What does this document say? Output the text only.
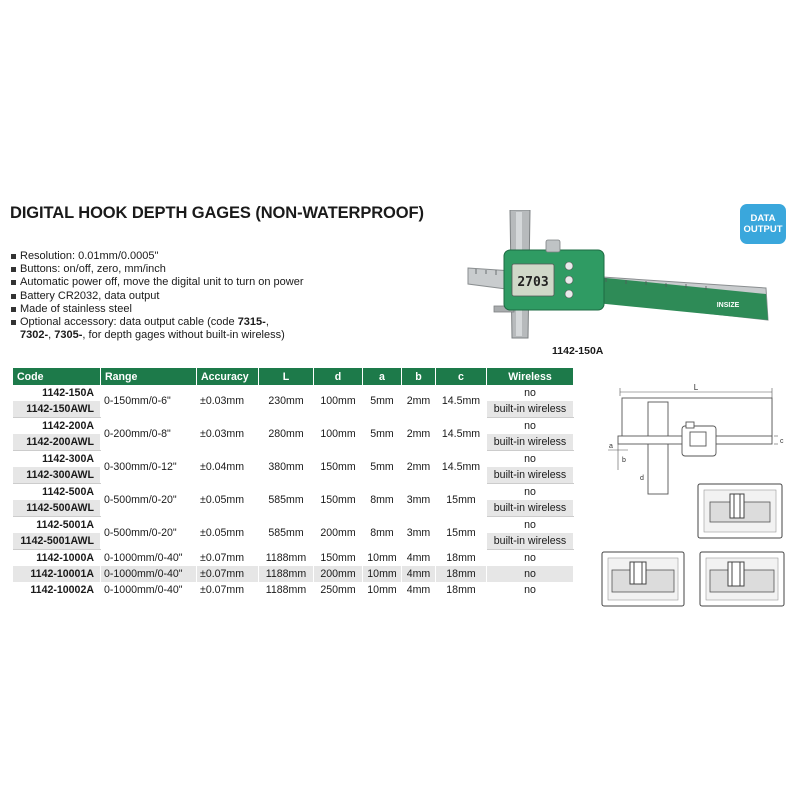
DIGITAL HOOK DEPTH GAGES (NON-WATERPROOF)	DATA
OUTPUT
Resolution: 0.01mm/0.0005"
Buttons: on/off, zero, mm/inch
Automatic power off, move the digital unit to turn on power
Battery CR2032, data output
Made of stainless steel
Optional accessory: data output cable (code 7315-,
7302-, 7305-, for depth gages without built-in wireless)
2703
INSIZE
1142-150A
Code	Range	Accuracy	L	d	a	b	c	Wireless
1142-150A	0-150mm/0-6"	±0.03mm	230mm	100mm	5mm	2mm	14.5mm	no
1142-150AWL								built-in wireless
1142-200A	0-200mm/0-8"	±0.03mm	280mm	100mm	5mm	2mm	14.5mm	no
1142-200AWL								built-in wireless
1142-300A	0-300mm/0-12"	±0.04mm	380mm	150mm	5mm	2mm	14.5mm	no
1142-300AWL								built-in wireless
1142-500A	0-500mm/0-20"	±0.05mm	585mm	150mm	8mm	3mm	15mm	no
1142-500AWL								built-in wireless
1142-5001A	0-500mm/0-20"	±0.05mm	585mm	200mm	8mm	3mm	15mm	no
1142-5001AWL								built-in wireless
1142-1000A	0-1000mm/0-40"	±0.07mm	1188mm	150mm	10mm	4mm	18mm	no
1142-10001A	0-1000mm/0-40"	±0.07mm	1188mm	200mm	10mm	4mm	18mm	no
1142-10002A	0-1000mm/0-40"	±0.07mm	1188mm	250mm	10mm	4mm	18mm	no
L
a
b
c
d
